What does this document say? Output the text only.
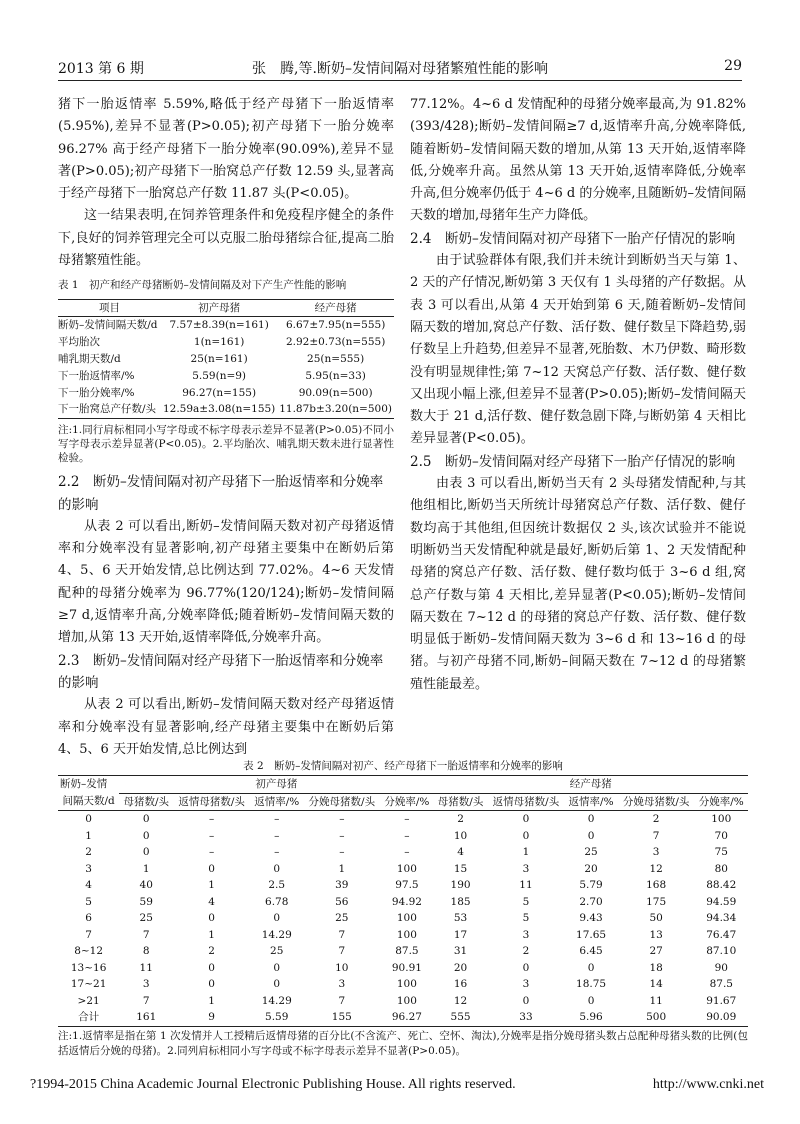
2013 第 6 期	张　腾,等.断奶–发情间隔对母猪繁殖性能的影响	29

猪下一胎返情率 5.59%,略低于经产母猪下一胎返情率(5.95%),差异不显著(P>0.05);初产母猪下一胎分娩率 96.27% 高于经产母猪下一胎分娩率(90.09%),差异不显著(P>0.05);初产母猪下一胎窝总产仔数 12.59 头,显著高于经产母猪下一胎窝总产仔数 11.87 头(P<0.05)。

这一结果表明,在饲养管理条件和免疫程序健全的条件下,良好的饲养管理完全可以克服二胎母猪综合征,提高二胎母猪繁殖性能。

表 1　初产和经产母猪断奶–发情间隔及对下产生产性能的影响
项目	初产母猪	经产母猪
断奶–发情间隔天数/d	7.57±8.39(n=161)	6.67±7.95(n=555)
平均胎次	1(n=161)	2.92±0.73(n=555)
哺乳期天数/d	25(n=161)	25(n=555)
下一胎返情率/%	5.59(n=9)	5.95(n=33)
下一胎分娩率/%	96.27(n=155)	90.09(n=500)
下一胎窝总产仔数/头	12.59a±3.08(n=155)	11.87b±3.20(n=500)
注:1.同行肩标相同小写字母或不标字母表示差异不显著(P>0.05)不同小写字母表示差异显著(P<0.05)。2.平均胎次、哺乳期天数未进行显著性检验。

2.2　断奶–发情间隔对初产母猪下一胎返情率和分娩率的影响

从表 2 可以看出,断奶–发情间隔天数对初产母猪返情率和分娩率没有显著影响,初产母猪主要集中在断奶后第 4、5、6 天开始发情,总比例达到 77.02%。4~6 天发情配种的母猪分娩率为 96.77%(120/124);断奶–发情间隔≥7 d,返情率升高,分娩率降低;随着断奶–发情间隔天数的增加,从第 13 天开始,返情率降低,分娩率升高。

2.3　断奶–发情间隔对经产母猪下一胎返情率和分娩率的影响

从表 2 可以看出,断奶–发情间隔天数对经产母猪返情率和分娩率没有显著影响,经产母猪主要集中在断奶后第 4、5、6 天开始发情,总比例达到

77.12%。4~6 d 发情配种的母猪分娩率最高,为 91.82%(393/428);断奶–发情间隔≥7 d,返情率升高,分娩率降低,随着断奶–发情间隔天数的增加,从第 13 天开始,返情率降低,分娩率升高。虽然从第 13 天开始,返情率降低,分娩率升高,但分娩率仍低于 4~6 d 的分娩率,且随断奶–发情间隔天数的增加,母猪年生产力降低。

2.4　断奶–发情间隔对初产母猪下一胎产仔情况的影响

由于试验群体有限,我们并未统计到断奶当天与第 1、2 天的产仔情况,断奶第 3 天仅有 1 头母猪的产仔数据。从表 3 可以看出,从第 4 天开始到第 6 天,随着断奶–发情间隔天数的增加,窝总产仔数、活仔数、健仔数呈下降趋势,弱仔数呈上升趋势,但差异不显著,死胎数、木乃伊数、畸形数没有明显规律性;第 7~12 天窝总产仔数、活仔数、健仔数又出现小幅上涨,但差异不显著(P>0.05);断奶–发情间隔天数大于 21 d,活仔数、健仔数急剧下降,与断奶第 4 天相比差异显著(P<0.05)。

2.5　断奶–发情间隔对经产母猪下一胎产仔情况的影响

由表 3 可以看出,断奶当天有 2 头母猪发情配种,与其他组相比,断奶当天所统计母猪窝总产仔数、活仔数、健仔数均高于其他组,但因统计数据仅 2 头,该次试验并不能说明断奶当天发情配种就是最好,断奶后第 1、2 天发情配种母猪的窝总产仔数、活仔数、健仔数均低于 3~6 d 组,窝总产仔数与第 4 天相比,差异显著(P<0.05);断奶–发情间隔天数在 7~12 d 的母猪的窝总产仔数、活仔数、健仔数明显低于断奶–发情间隔天数为 3~6 d 和 13~16 d 的母猪。与初产母猪不同,断奶–间隔天数在 7~12 d 的母猪繁殖性能最差。

表 2　断奶–发情间隔对初产、经产母猪下一胎返情率和分娩率的影响
断奶–发情	初产母猪					经产母猪				
间隔天数/d	母猪数/头	返情母猪数/头	返情率/%	分娩母猪数/头	分娩率/%	母猪数/头	返情母猪数/头	返情率/%	分娩母猪数/头	分娩率/%
0	0	–	–	–	–	2	0	0	2	100
1	0	–	–	–	–	10	0	0	7	70
2	0	–	–	–	–	4	1	25	3	75
3	1	0	0	1	100	15	3	20	12	80
4	40	1	2.5	39	97.5	190	11	5.79	168	88.42
5	59	4	6.78	56	94.92	185	5	2.70	175	94.59
6	25	0	0	25	100	53	5	9.43	50	94.34
7	7	1	14.29	7	100	17	3	17.65	13	76.47
8~12	8	2	25	7	87.5	31	2	6.45	27	87.10
13~16	11	0	0	10	90.91	20	0	0	18	90
17~21	3	0	0	3	100	16	3	18.75	14	87.5
>21	7	1	14.29	7	100	12	0	0	11	91.67
合计	161	9	5.59	155	96.27	555	33	5.96	500	90.09
注:1.返情率是指在第 1 次发情并人工授精后返情母猪的百分比(不含流产、死亡、空怀、淘汰),分娩率是指分娩母猪头数占总配种母猪头数的比例(包括返情后分娩的母猪)。2.同列肩标相同小写字母或不标字母表示差异不显著(P>0.05)。
?1994-2015 China Academic Journal Electronic Publishing House. All rights reserved.	http://www.cnki.net
